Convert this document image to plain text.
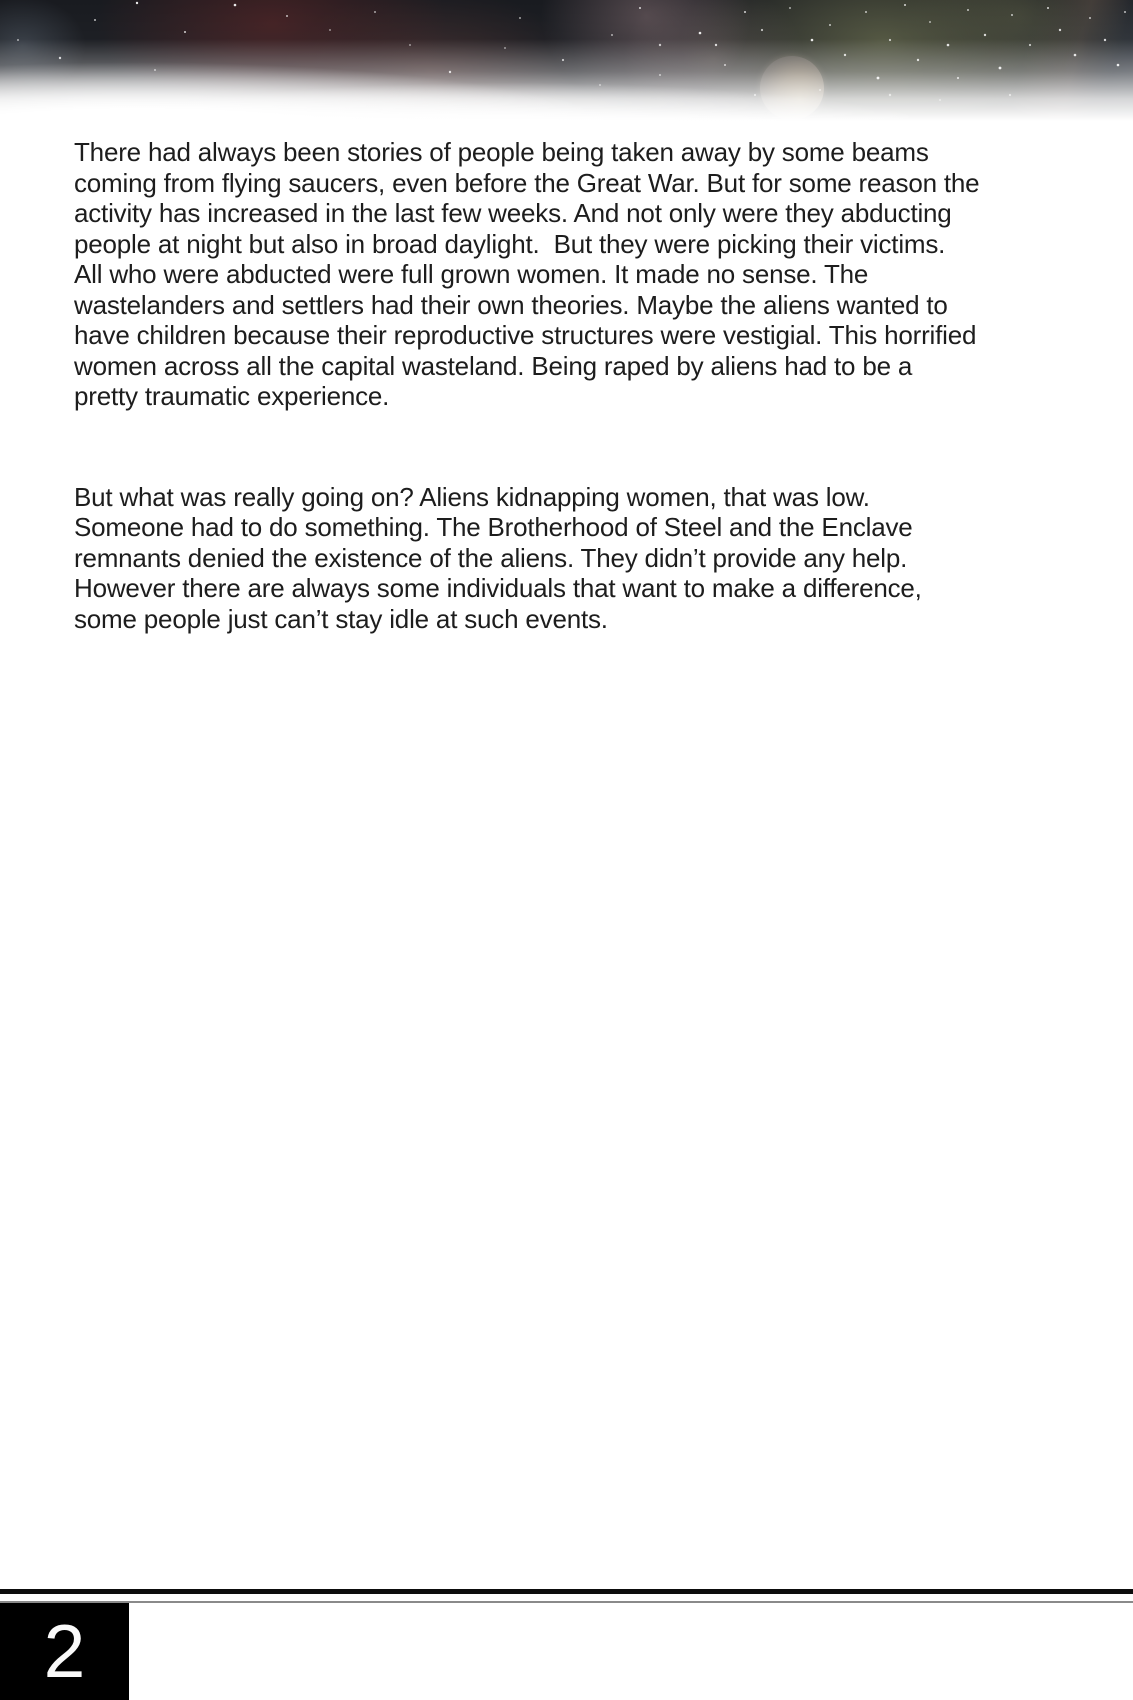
There had always been stories of people being taken away by some beams
coming from flying saucers, even before the Great War. But for some reason the
activity has increased in the last few weeks. And not only were they abducting
people at night but also in broad daylight.  But they were picking their victims.
All who were abducted were full grown women. It made no sense. The
wastelanders and settlers had their own theories. Maybe the aliens wanted to
have children because their reproductive structures were vestigial. This horrified
women across all the capital wasteland. Being raped by aliens had to be a
pretty traumatic experience.
But what was really going on? Aliens kidnapping women, that was low.
Someone had to do something. The Brotherhood of Steel and the Enclave
remnants denied the existence of the aliens. They didn’t provide any help.
However there are always some individuals that want to make a difference,
some people just can’t stay idle at such events.
2
